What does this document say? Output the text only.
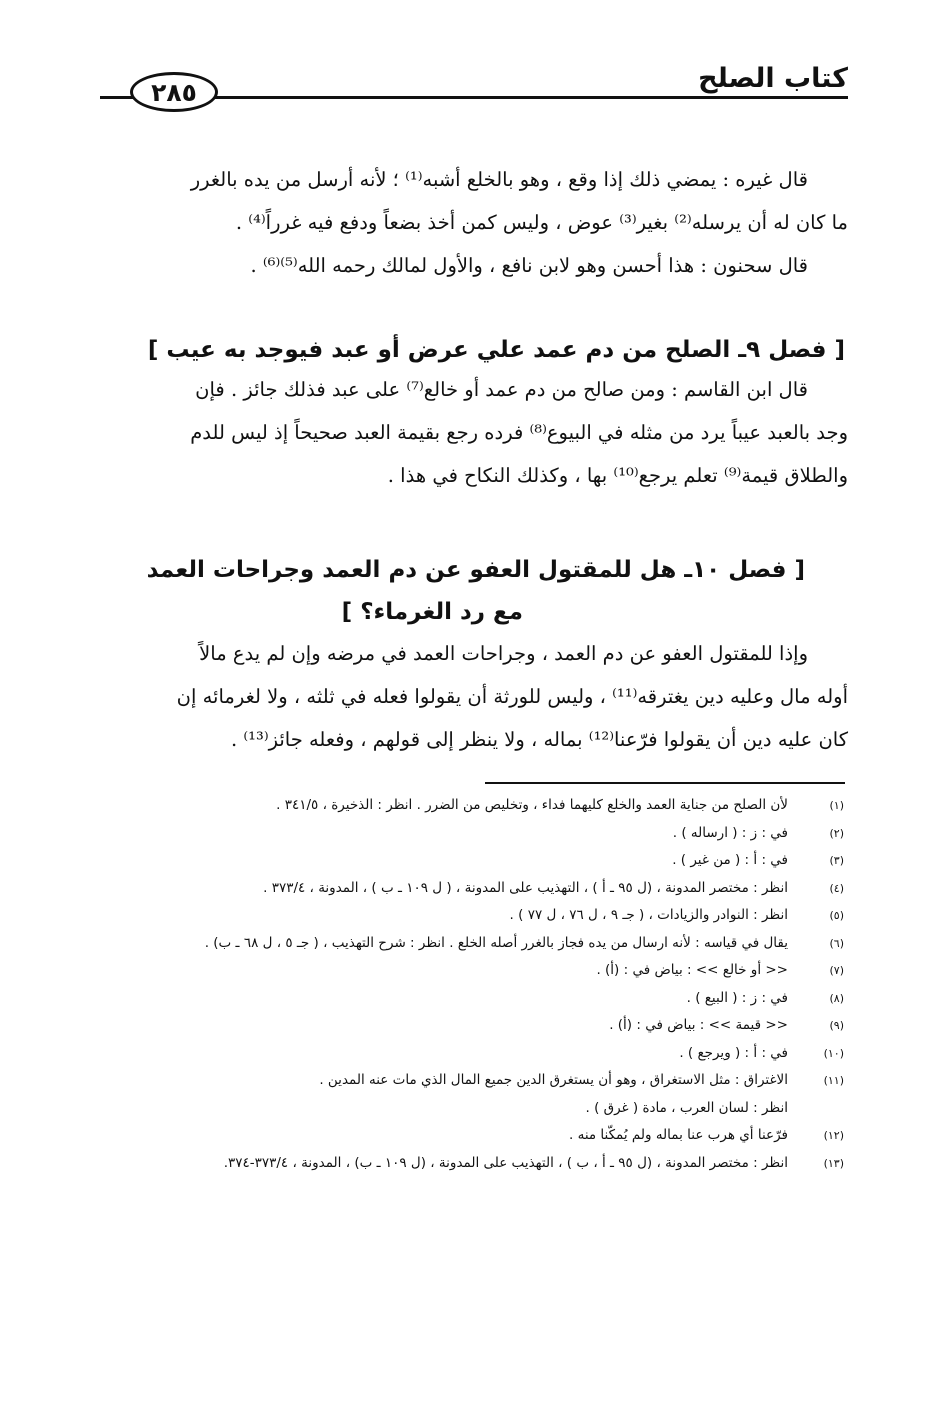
كتاب الصلح
٢٨٥
قال غيره : يمضي ذلك إذا وقع ، وهو بالخلع أشبه⁽¹⁾ ؛ لأنه أرسل من يده بالغرر
ما كان له أن يرسله⁽²⁾ بغير⁽³⁾ عوض ، وليس كمن أخذ بضعاً ودفع فيه غرراً⁽⁴⁾ .
قال سحنون : هذا أحسن وهو لابن نافع ، والأول لمالك رحمه الله⁽⁵⁾⁽⁶⁾ .
[ فصل ٩ـ الصلح من دم عمد علي عرض أو عبد فيوجد به عيب ]
قال ابن القاسم : ومن صالح من دم عمد أو خالع⁽⁷⁾ على عبد فذلك جائز . فإن
وجد بالعبد عيباً يرد من مثله في البيوع⁽⁸⁾ فرده رجع بقيمة العبد صحيحاً إذ ليس للدم
والطلاق قيمة⁽⁹⁾ تعلم يرجع⁽¹⁰⁾ بها ، وكذلك النكاح في هذا .
[ فصل ١٠ـ هل للمقتول العفو عن دم العمد وجراحات العمد
مع رد الغرماء؟ ]
وإذا للمقتول العفو عن دم العمد ، وجراحات العمد في مرضه وإن لم يدع مالاً
أوله مال وعليه دين يغترقه⁽¹¹⁾ ، وليس للورثة أن يقولوا فعله في ثلثه ، ولا لغرمائه إن
كان عليه دين أن يقولوا فرّعنا⁽¹²⁾ بماله ، ولا ينظر إلى قولهم ، وفعله جائز⁽¹³⁾ .
(١)
لأن الصلح من جناية العمد والخلع كليهما فداء ، وتخليص من الضرر . انظر : الذخيرة ، ٣٤١/٥ .
(٢)
في : ز : ( ارساله ) .
(٣)
في : أ : ( من غير ) .
(٤)
انظر : مختصر المدونة ، (ل ٩٥ ـ أ ) ، التهذيب على المدونة ، ( ل ١٠٩ ـ ب ) ، المدونة ، ٣٧٣/٤ .
(٥)
انظر : النوادر والزيادات ، ( جـ ٩ ، ل ٧٦ ، ل ٧٧ ) .
(٦)
يقال في قياسه : لأنه ارسال من يده فجاز بالغرر أصله الخلع . انظر : شرح التهذيب ، ( جـ ٥ ، ل ٦٨ ـ ب) .
(٧)
<< أو خالع >> : بياض في : (أ) .
(٨)
في : ز : ( البيع ) .
(٩)
<< قيمة >> : بياض في : (أ) .
(١٠)
في : أ : ( ويرجع ) .
(١١)
الاغتراق : مثل الاستغراق ، وهو أن يستغرق الدين جميع المال الذي مات عنه المدين .
انظر : لسان العرب ، مادة ( غرق ) .
(١٢)
فرّعنا أي هرب عنا بماله ولم يُمكّنا منه .
(١٣)
انظر : مختصر المدونة ، (ل ٩٥ ـ أ ، ب ) ، التهذيب على المدونة ، (ل ١٠٩ ـ ب) ، المدونة ، ٣٧٣/٤-٣٧٤.
